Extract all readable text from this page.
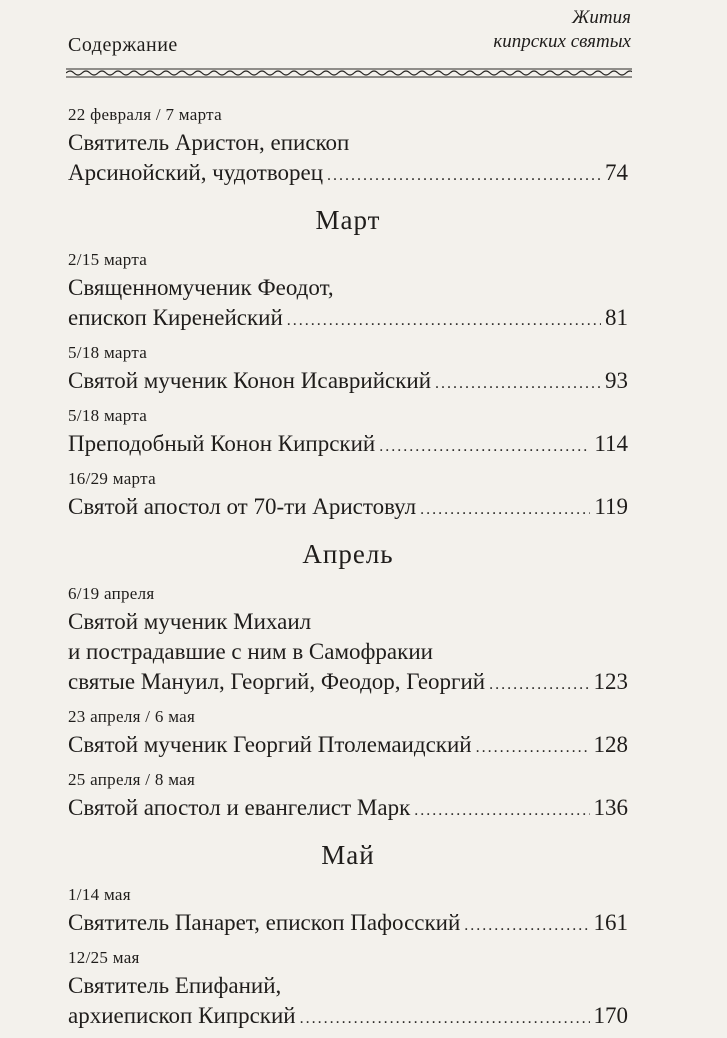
Содержание
Жития
кипрских святых
22 февраля / 7 марта
Святитель Аристон, епископ
Арсинойский, чудотворец .....	74
Март
2/15 марта
Священномученик Феодот,
епископ Киренейский .....	81
5/18 марта
Святой мученик Конон Исаврийский .....	93
5/18 марта
Преподобный Конон Кипрский .....	114
16/29 марта
Святой апостол от 70-ти Аристовул .....	119
Апрель
6/19 апреля
Святой мученик Михаил
и пострадавшие с ним в Самофракии
святые Мануил, Георгий, Феодор, Георгий .....	123
23 апреля / 6 мая
Святой мученик Георгий Птолемаидский .....	128
25 апреля / 8 мая
Святой апостол и евангелист Марк .....	136
Май
1/14 мая
Святитель Панарет, епископ Пафосский .....	161
12/25 мая
Святитель Епифаний,
архиепископ Кипрский .....	170
